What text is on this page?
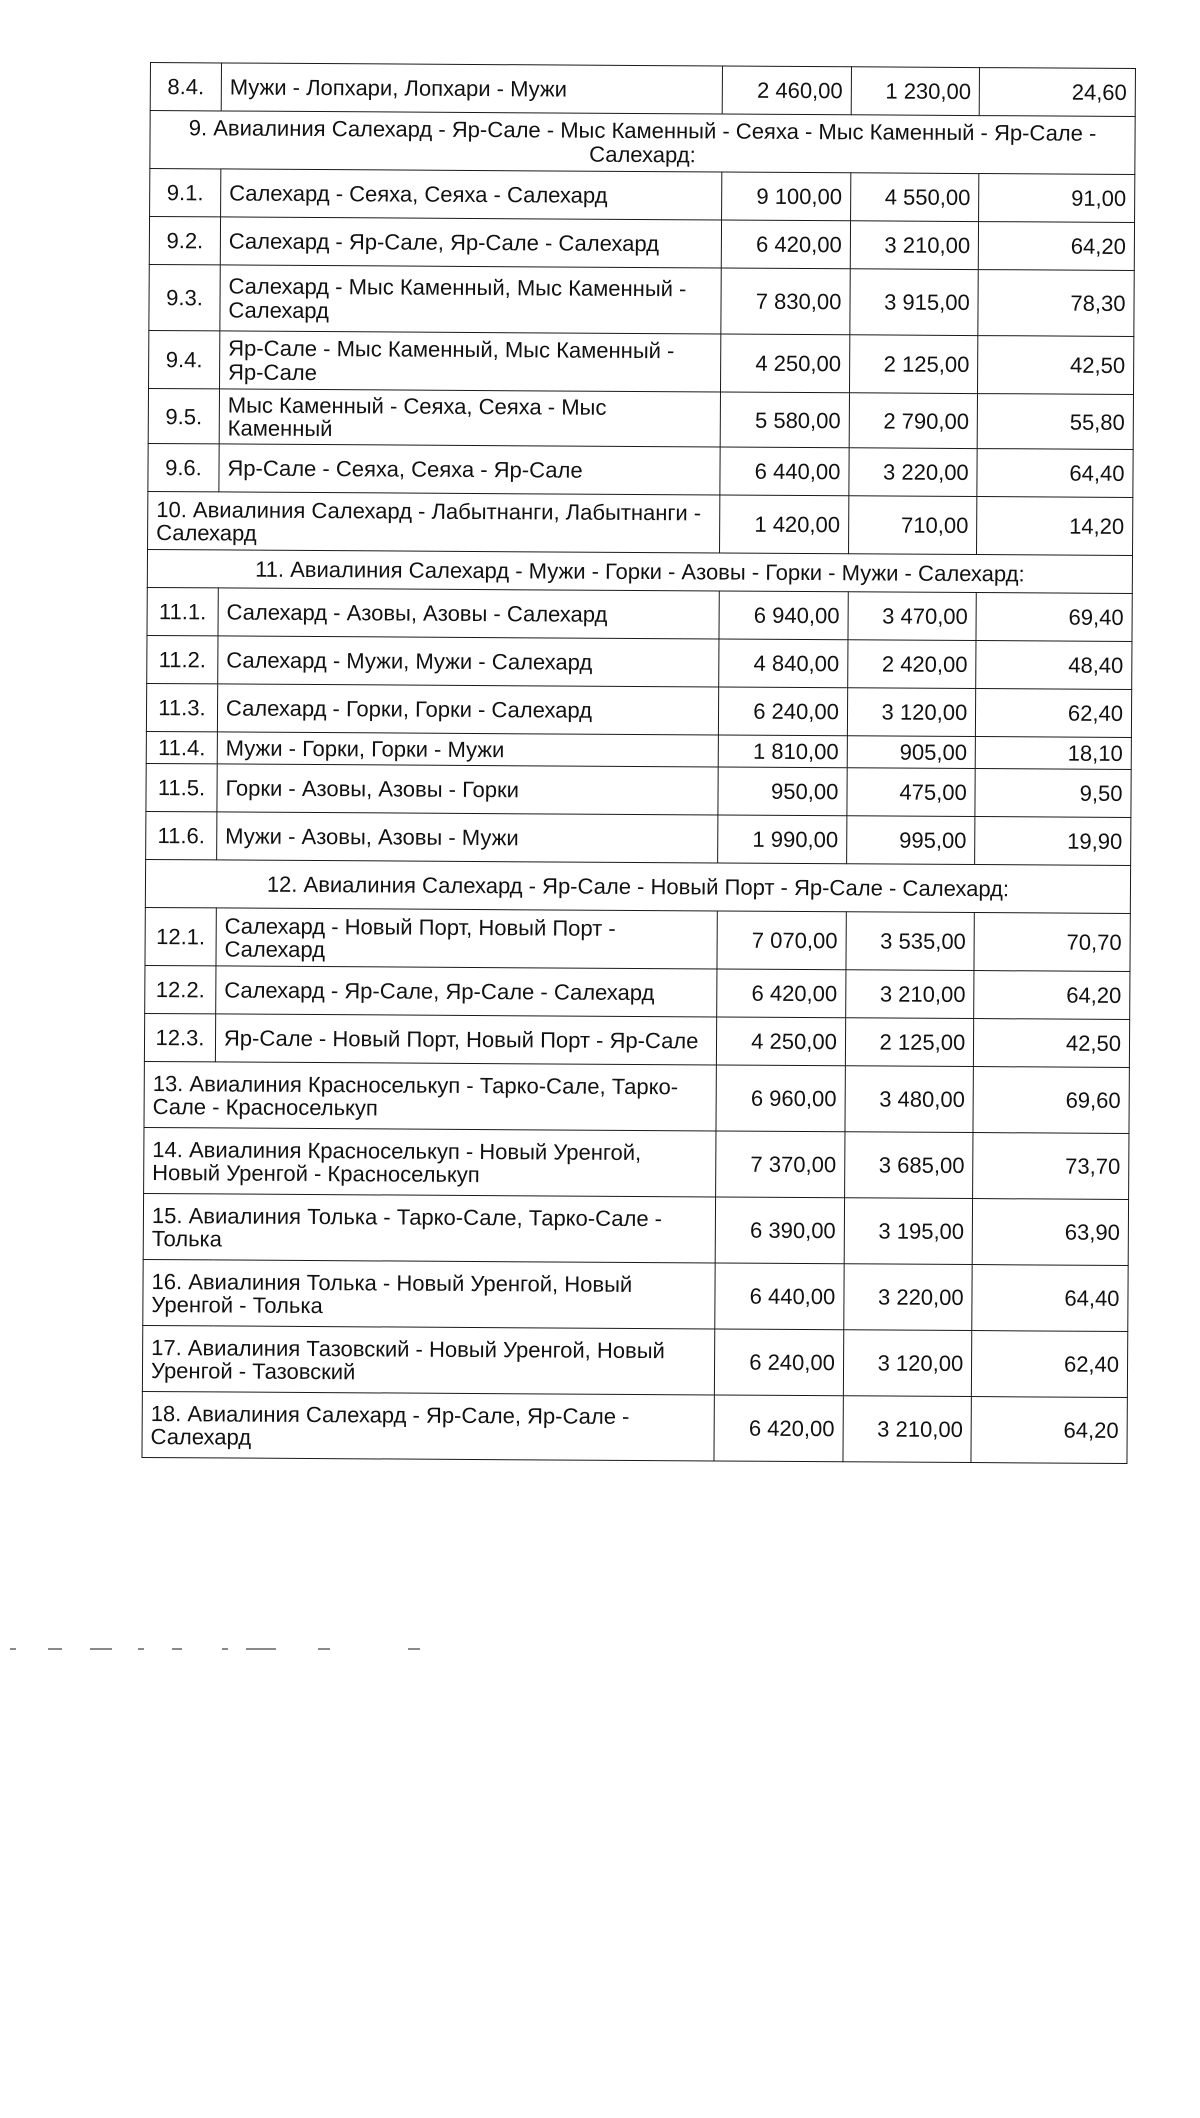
8.4.	Мужи - Лопхари, Лопхари - Мужи	2 460,00	1 230,00	24,60
9. Авиалиния Салехард - Яр-Сале - Мыс Каменный - Сеяха - Мыс Каменный - Яр-Сале - Салехард:				
9.1.	Салехард - Сеяха, Сеяха - Салехард	9 100,00	4 550,00	91,00
9.2.	Салехард - Яр-Сале, Яр-Сале - Салехард	6 420,00	3 210,00	64,20
9.3.	Салехард - Мыс Каменный, Мыс Каменный - Салехард	7 830,00	3 915,00	78,30
9.4.	Яр-Сале - Мыс Каменный, Мыс Каменный - Яр-Сале	4 250,00	2 125,00	42,50
9.5.	Мыс Каменный - Сеяха, Сеяха - Мыс Каменный	5 580,00	2 790,00	55,80
9.6.	Яр-Сале - Сеяха, Сеяха - Яр-Сале	6 440,00	3 220,00	64,40
10. Авиалиния Салехард - Лабытнанги, Лабытнанги - Салехард		1 420,00	710,00	14,20
11. Авиалиния Салехард - Мужи - Горки - Азовы - Горки - Мужи - Салехард:				
11.1.	Салехард - Азовы, Азовы - Салехард	6 940,00	3 470,00	69,40
11.2.	Салехард - Мужи, Мужи - Салехард	4 840,00	2 420,00	48,40
11.3.	Салехард - Горки, Горки - Салехард	6 240,00	3 120,00	62,40
11.4.	Мужи - Горки, Горки - Мужи	1 810,00	905,00	18,10
11.5.	Горки - Азовы, Азовы - Горки	950,00	475,00	9,50
11.6.	Мужи - Азовы, Азовы - Мужи	1 990,00	995,00	19,90
12. Авиалиния Салехард - Яр-Сале - Новый Порт - Яр-Сале - Салехард:				
12.1.	Салехард - Новый Порт, Новый Порт - Салехард	7 070,00	3 535,00	70,70
12.2.	Салехард - Яр-Сале, Яр-Сале - Салехард	6 420,00	3 210,00	64,20
12.3.	Яр-Сале - Новый Порт, Новый Порт - Яр-Сале	4 250,00	2 125,00	42,50
13. Авиалиния Красноселькуп - Тарко-Сале, Тарко-Сале - Красноселькуп		6 960,00	3 480,00	69,60
14. Авиалиния Красноселькуп - Новый Уренгой, Новый Уренгой - Красноселькуп		7 370,00	3 685,00	73,70
15. Авиалиния Толька - Тарко-Сале, Тарко-Сале - Толька		6 390,00	3 195,00	63,90
16. Авиалиния Толька - Новый Уренгой, Новый Уренгой - Толька		6 440,00	3 220,00	64,40
17. Авиалиния Тазовский - Новый Уренгой, Новый Уренгой - Тазовский		6 240,00	3 120,00	62,40
18. Авиалиния Салехард - Яр-Сале, Яр-Сале - Салехард		6 420,00	3 210,00	64,20
